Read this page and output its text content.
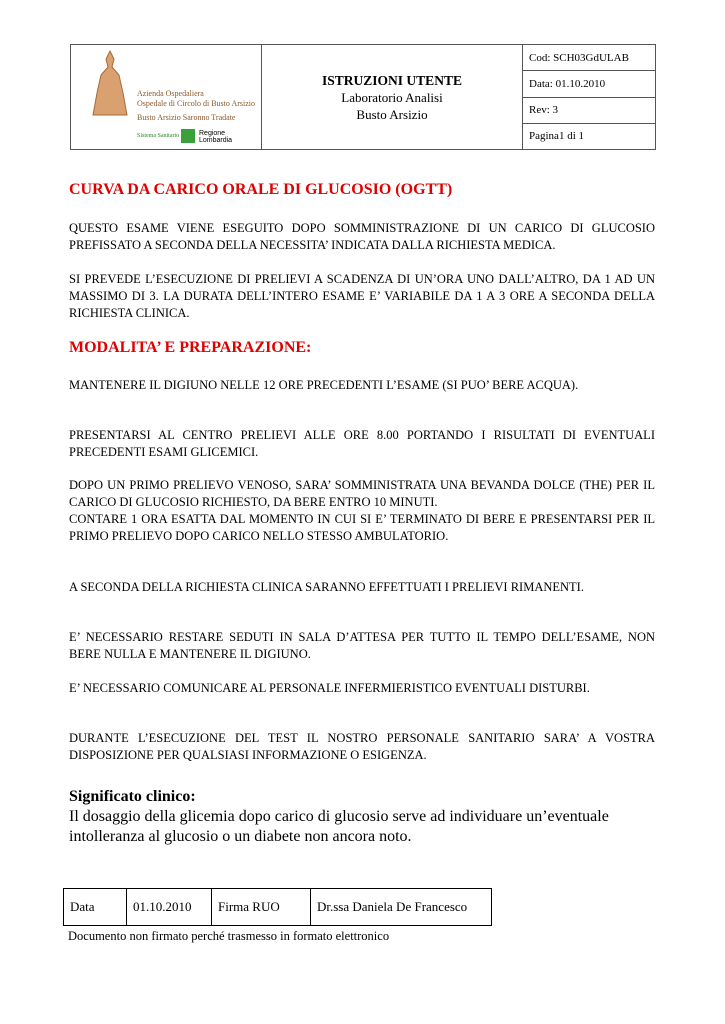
Azienda Ospedaliera
Ospedale di Circolo di Busto Arsizio
Busto Arsizio Saronno Tradate
Sistema Sanitario	Regione Lombardia
ISTRUZIONI UTENTE
Laboratorio Analisi
Busto Arsizio
Cod: SCH03GdULAB
Data: 01.10.2010
Rev: 3
Pagina1 di 1
CURVA DA CARICO ORALE DI GLUCOSIO (OGTT)
QUESTO ESAME VIENE ESEGUITO DOPO SOMMINISTRAZIONE DI UN CARICO DI GLUCOSIO PREFISSATO A SECONDA DELLA NECESSITA’ INDICATA DALLA RICHIESTA MEDICA.
SI PREVEDE L’ESECUZIONE DI PRELIEVI A SCADENZA DI UN’ORA UNO DALL’ALTRO, DA 1 AD UN MASSIMO DI 3. LA DURATA DELL’INTERO ESAME E’ VARIABILE DA 1 A 3 ORE A SECONDA DELLA RICHIESTA CLINICA.
MODALITA’ E PREPARAZIONE:
MANTENERE IL DIGIUNO NELLE 12 ORE PRECEDENTI L’ESAME (SI PUO’ BERE ACQUA).
PRESENTARSI AL CENTRO PRELIEVI ALLE ORE 8.00 PORTANDO I RISULTATI DI EVENTUALI PRECEDENTI ESAMI GLICEMICI.
DOPO UN PRIMO PRELIEVO VENOSO, SARA’ SOMMINISTRATA UNA BEVANDA DOLCE (THE) PER IL CARICO DI GLUCOSIO RICHIESTO, DA BERE ENTRO 10 MINUTI.
CONTARE 1 ORA ESATTA DAL MOMENTO IN CUI SI E’ TERMINATO DI BERE E PRESENTARSI PER IL PRIMO PRELIEVO DOPO CARICO NELLO STESSO AMBULATORIO.
A SECONDA DELLA RICHIESTA CLINICA SARANNO EFFETTUATI I PRELIEVI RIMANENTI.
E’ NECESSARIO RESTARE SEDUTI IN SALA D’ATTESA PER TUTTO IL TEMPO DELL’ESAME, NON BERE NULLA E MANTENERE IL DIGIUNO.
E’ NECESSARIO COMUNICARE AL PERSONALE INFERMIERISTICO EVENTUALI DISTURBI.
DURANTE L’ESECUZIONE DEL TEST IL NOSTRO PERSONALE SANITARIO SARA’ A VOSTRA DISPOSIZIONE PER QUALSIASI INFORMAZIONE O ESIGENZA.
Significato clinico:
Il dosaggio della glicemia dopo carico di glucosio serve ad individuare un’eventuale intolleranza al glucosio o un diabete non ancora noto.
Data	01.10.2010	Firma RUO	Dr.ssa Daniela De Francesco
Documento non firmato perché trasmesso in formato elettronico
